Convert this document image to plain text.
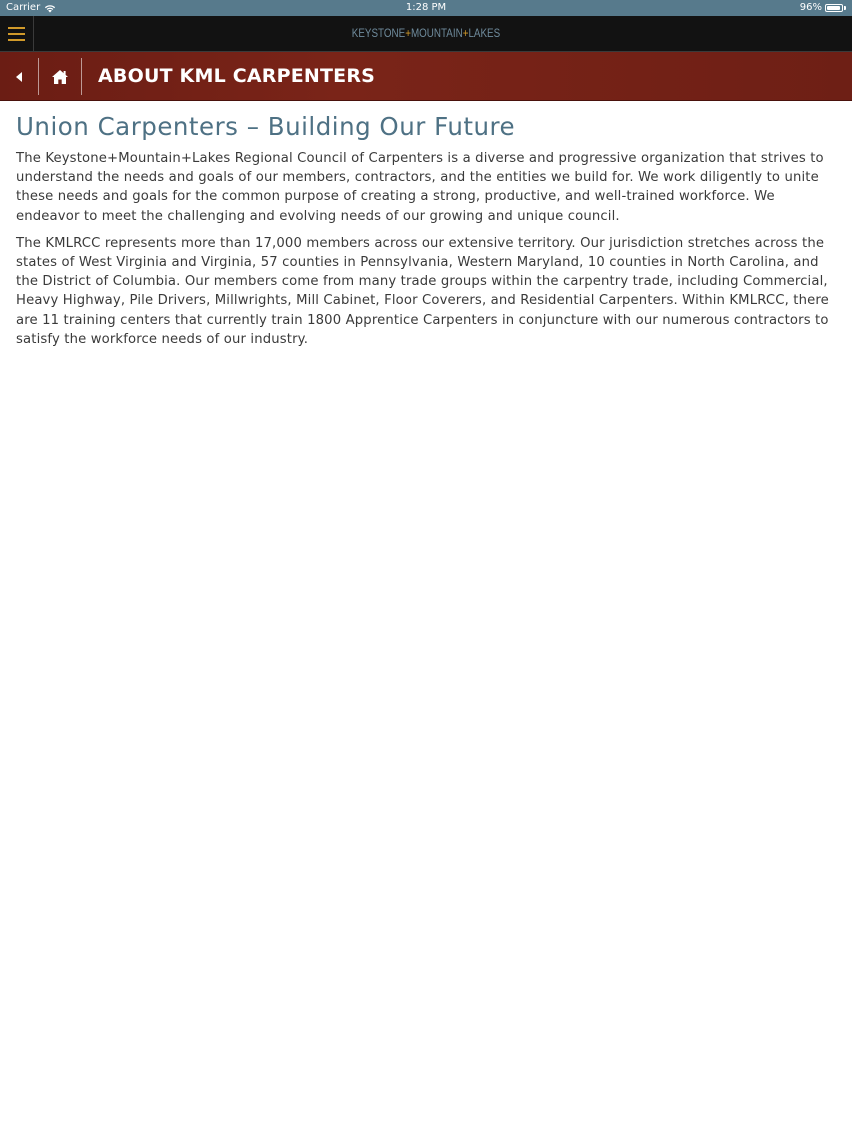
Carrier	1:28 PM	96%
KEYSTONE+MOUNTAIN+LAKES
ABOUT KML CARPENTERS
Union Carpenters – Building Our Future

The Keystone+Mountain+Lakes Regional Council of Carpenters is a diverse and progressive organization that strives to understand the needs and goals of our members, contractors, and the entities we build for. We work diligently to unite these needs and goals for the common purpose of creating a strong, productive, and well-trained workforce. We endeavor to meet the challenging and evolving needs of our growing and unique council.

The KMLRCC represents more than 17,000 members across our extensive territory. Our jurisdiction stretches across the states of West Virginia and Virginia, 57 counties in Pennsylvania, Western Maryland, 10 counties in North Carolina, and the District of Columbia. Our members come from many trade groups within the carpentry trade, including Commercial, Heavy Highway, Pile Drivers, Millwrights, Mill Cabinet, Floor Coverers, and Residential Carpenters. Within KMLRCC, there are 11 training centers that currently train 1800 Apprentice Carpenters in conjuncture with our numerous contractors to satisfy the workforce needs of our industry.
